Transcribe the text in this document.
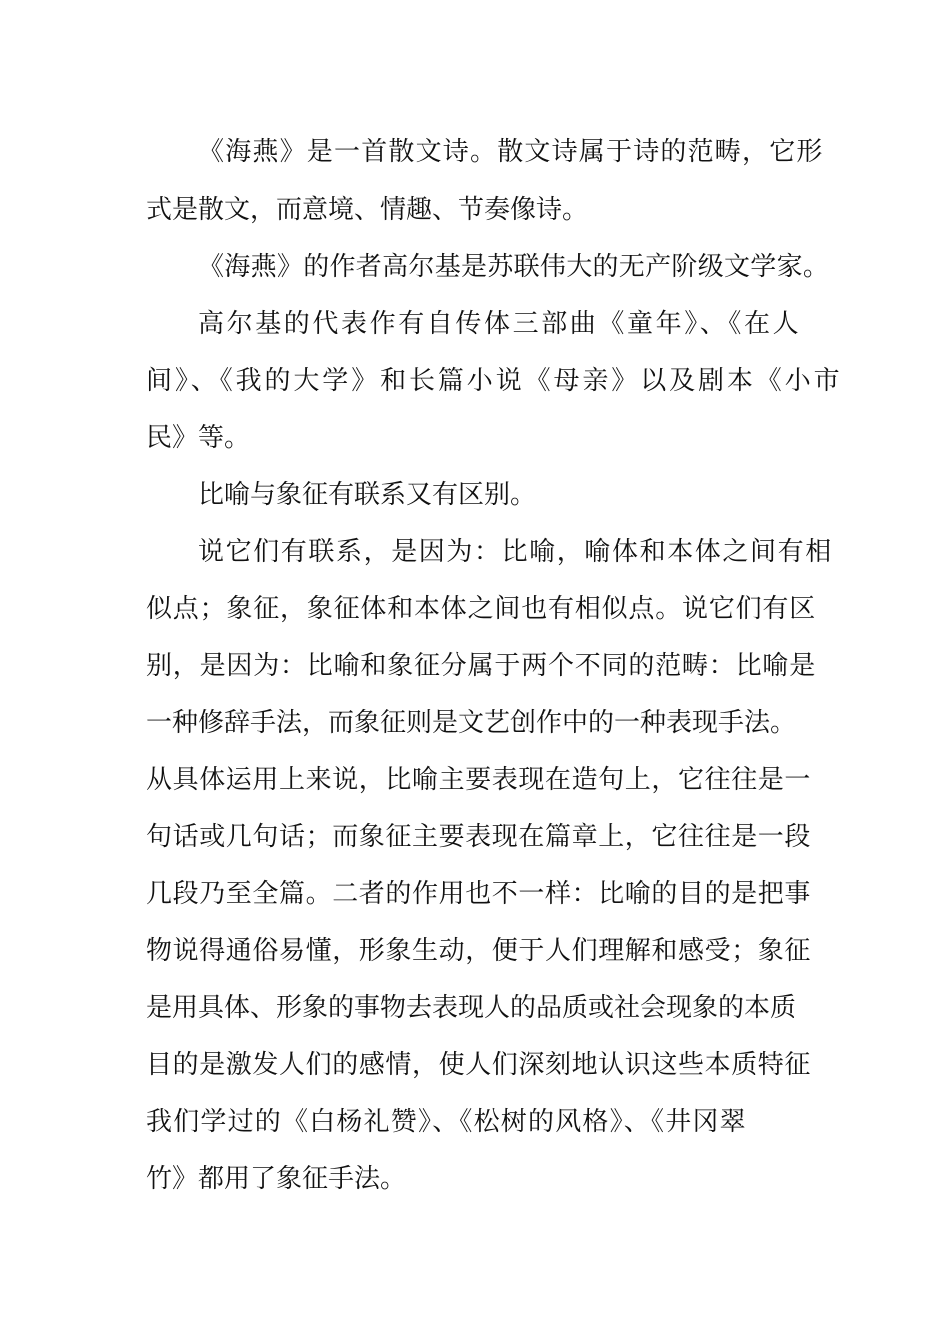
《海燕》是一首散文诗。散文诗属于诗的范畴，它形
式是散文，而意境、情趣、节奏像诗。
《海燕》的作者高尔基是苏联伟大的无产阶级文学家。
高尔基的代表作有自传体三部曲《童年》、《在人
间》、《我的大学》和长篇小说《母亲》以及剧本《小市
民》等。
比喻与象征有联系又有区别。
说它们有联系，是因为：比喻，喻体和本体之间有相
似点；象征，象征体和本体之间也有相似点。说它们有区
别，是因为：比喻和象征分属于两个不同的范畴：比喻是
一种修辞手法，而象征则是文艺创作中的一种表现手法。
从具体运用上来说，比喻主要表现在造句上，它往往是一
句话或几句话；而象征主要表现在篇章上，它往往是一段
几段乃至全篇。二者的作用也不一样：比喻的目的是把事
物说得通俗易懂，形象生动，便于人们理解和感受；象征
是用具体、形象的事物去表现人的品质或社会现象的本质
目的是激发人们的感情，使人们深刻地认识这些本质特征
我们学过的《白杨礼赞》、《松树的风格》、《井冈翠
竹》都用了象征手法。
